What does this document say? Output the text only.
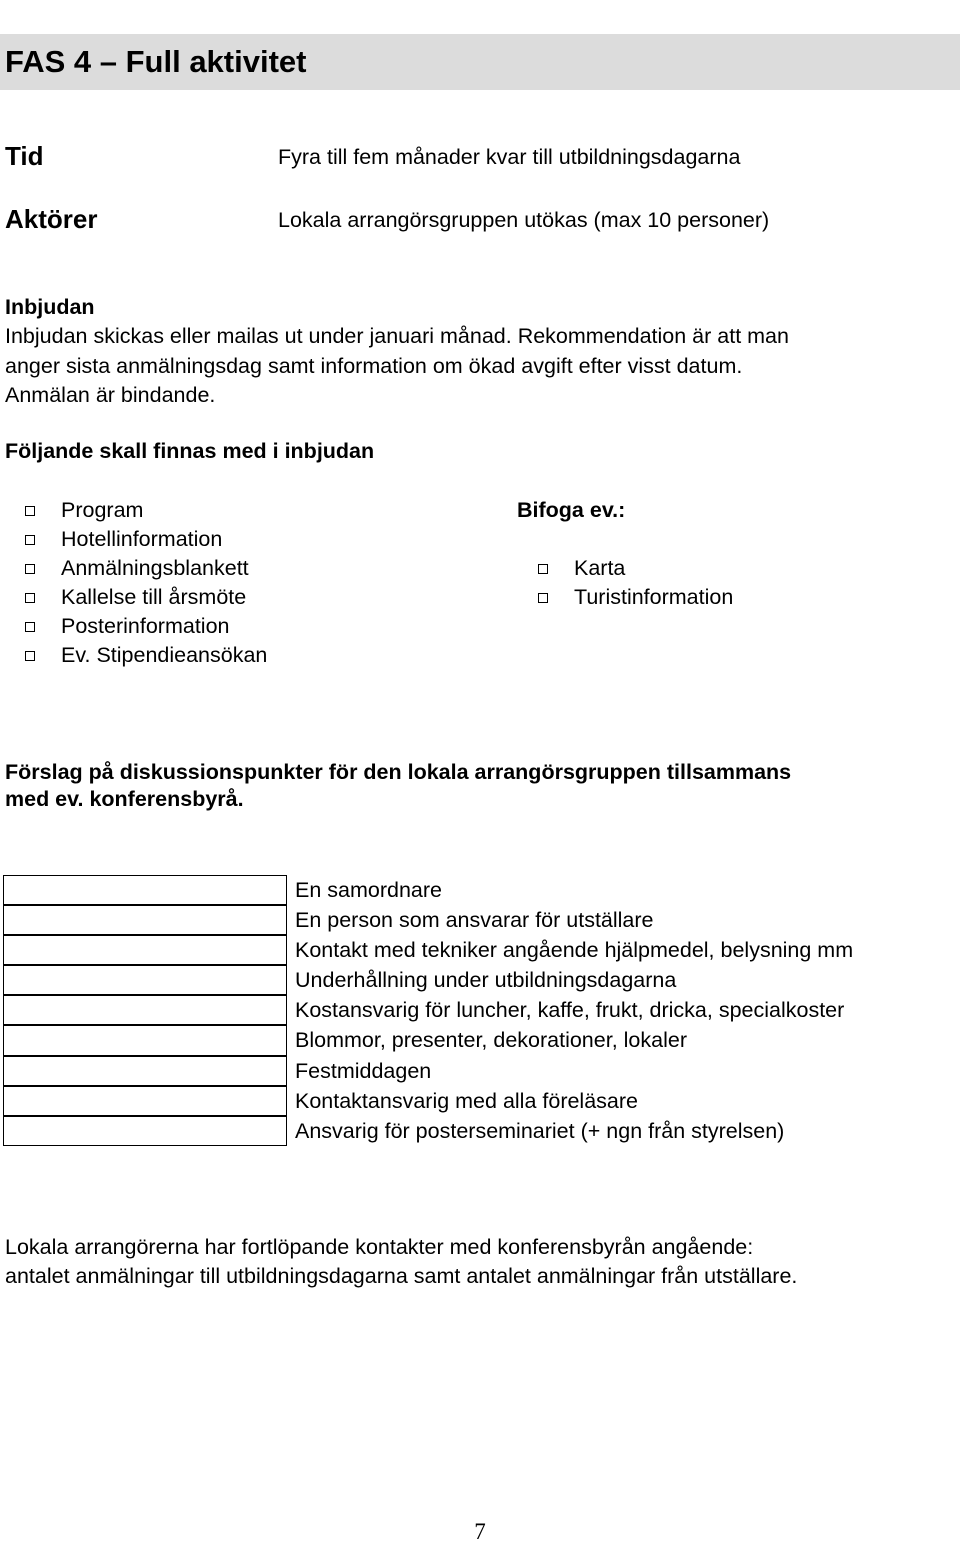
FAS 4 – Full aktivitet
Tid	Fyra till fem månader kvar till utbildningsdagarna
Aktörer	Lokala arrangörsgruppen utökas (max 10 personer)
Inbjudan
Inbjudan skickas eller mailas ut under januari månad. Rekommendation är att man
anger sista anmälningsdag samt information om ökad avgift efter visst datum.
Anmälan är bindande.
Följande skall finnas med i inbjudan
Program
Hotellinformation
Anmälningsblankett
Kallelse till årsmöte
Posterinformation
Ev. Stipendieansökan
Bifoga ev.:
Karta
Turistinformation
Förslag på diskussionspunkter för den lokala arrangörsgruppen tillsammans
med ev. konferensbyrå.
En samordnare
En person som ansvarar för utställare
Kontakt med tekniker angående hjälpmedel, belysning mm
Underhållning under utbildningsdagarna
Kostansvarig för luncher, kaffe, frukt, dricka, specialkoster
Blommor, presenter, dekorationer, lokaler
Festmiddagen
Kontaktansvarig med alla föreläsare
Ansvarig för posterseminariet (+ ngn från styrelsen)
Lokala arrangörerna har fortlöpande kontakter med konferensbyrån angående:
antalet anmälningar till utbildningsdagarna samt antalet anmälningar från utställare.
7
